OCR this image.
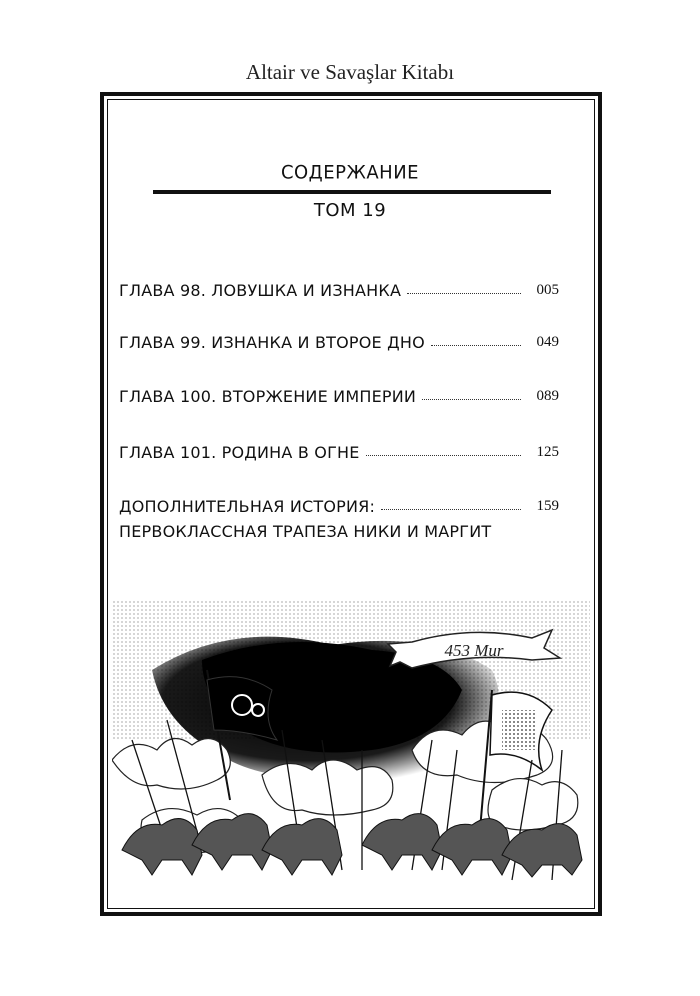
Altair ve Savaşlar Kitabı
СОДЕРЖАНИЕ
ТОМ 19
ГЛАВА 98. ЛОВУШКА И ИЗНАНКА	005
ГЛАВА 99. ИЗНАНКА И ВТОРОЕ ДНО	049
ГЛАВА 100. ВТОРЖЕНИЕ ИМПЕРИИ	089
ГЛАВА 101. РОДИНА В ОГНЕ	125
ДОПОЛНИТЕЛЬНАЯ ИСТОРИЯ:	159
ПЕРВОКЛАССНАЯ ТРАПЕЗА НИКИ И МАРГИТ
453 Mur
